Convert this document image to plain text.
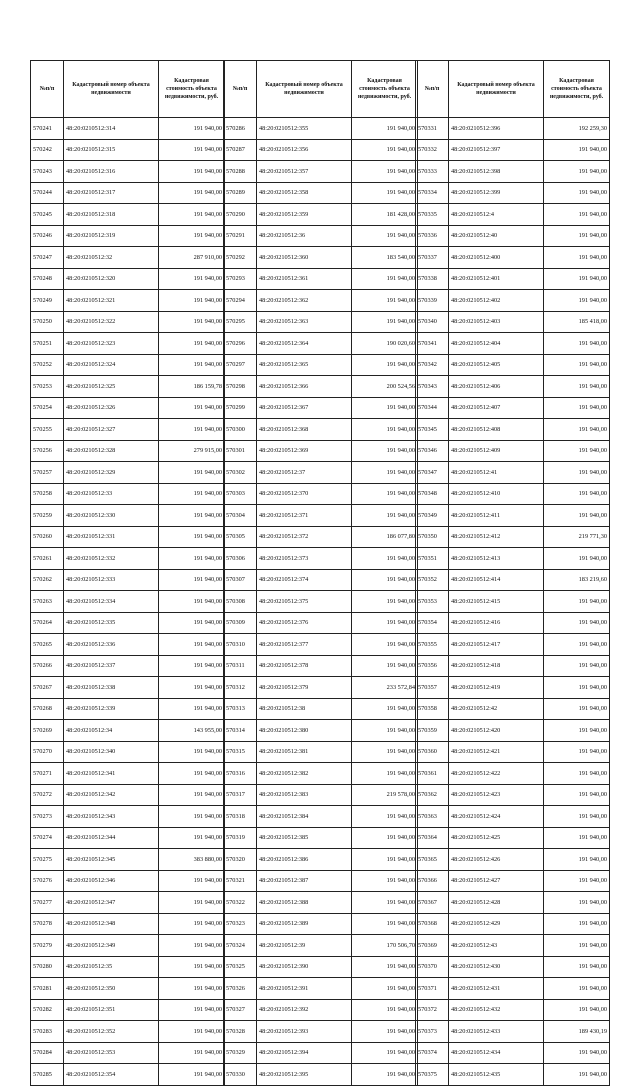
№п/п	Кадастровый номер объекта недвижимости	Кадастровая стоимость объекта недвижимости, руб.
570241	48:20:0210512:314	191 940,00
570242	48:20:0210512:315	191 940,00
570243	48:20:0210512:316	191 940,00
570244	48:20:0210512:317	191 940,00
570245	48:20:0210512:318	191 940,00
570246	48:20:0210512:319	191 940,00
570247	48:20:0210512:32	287 910,00
570248	48:20:0210512:320	191 940,00
570249	48:20:0210512:321	191 940,00
570250	48:20:0210512:322	191 940,00
570251	48:20:0210512:323	191 940,00
570252	48:20:0210512:324	191 940,00
570253	48:20:0210512:325	186 159,78
570254	48:20:0210512:326	191 940,00
570255	48:20:0210512:327	191 940,00
570256	48:20:0210512:328	279 915,00
570257	48:20:0210512:329	191 940,00
570258	48:20:0210512:33	191 940,00
570259	48:20:0210512:330	191 940,00
570260	48:20:0210512:331	191 940,00
570261	48:20:0210512:332	191 940,00
570262	48:20:0210512:333	191 940,00
570263	48:20:0210512:334	191 940,00
570264	48:20:0210512:335	191 940,00
570265	48:20:0210512:336	191 940,00
570266	48:20:0210512:337	191 940,00
570267	48:20:0210512:338	191 940,00
570268	48:20:0210512:339	191 940,00
570269	48:20:0210512:34	143 955,00
570270	48:20:0210512:340	191 940,00
570271	48:20:0210512:341	191 940,00
570272	48:20:0210512:342	191 940,00
570273	48:20:0210512:343	191 940,00
570274	48:20:0210512:344	191 940,00
570275	48:20:0210512:345	383 880,00
570276	48:20:0210512:346	191 940,00
570277	48:20:0210512:347	191 940,00
570278	48:20:0210512:348	191 940,00
570279	48:20:0210512:349	191 940,00
570280	48:20:0210512:35	191 940,00
570281	48:20:0210512:350	191 940,00
570282	48:20:0210512:351	191 940,00
570283	48:20:0210512:352	191 940,00
570284	48:20:0210512:353	191 940,00
570285	48:20:0210512:354	191 940,00
№п/п	Кадастровый номер объекта недвижимости	Кадастровая стоимость объекта недвижимости, руб.
570286	48:20:0210512:355	191 940,00
570287	48:20:0210512:356	191 940,00
570288	48:20:0210512:357	191 940,00
570289	48:20:0210512:358	191 940,00
570290	48:20:0210512:359	181 428,00
570291	48:20:0210512:36	191 940,00
570292	48:20:0210512:360	183 540,00
570293	48:20:0210512:361	191 940,00
570294	48:20:0210512:362	191 940,00
570295	48:20:0210512:363	191 940,00
570296	48:20:0210512:364	190 020,60
570297	48:20:0210512:365	191 940,00
570298	48:20:0210512:366	200 524,56
570299	48:20:0210512:367	191 940,00
570300	48:20:0210512:368	191 940,00
570301	48:20:0210512:369	191 940,00
570302	48:20:0210512:37	191 940,00
570303	48:20:0210512:370	191 940,00
570304	48:20:0210512:371	191 940,00
570305	48:20:0210512:372	186 077,80
570306	48:20:0210512:373	191 940,00
570307	48:20:0210512:374	191 940,00
570308	48:20:0210512:375	191 940,00
570309	48:20:0210512:376	191 940,00
570310	48:20:0210512:377	191 940,00
570311	48:20:0210512:378	191 940,00
570312	48:20:0210512:379	233 572,84
570313	48:20:0210512:38	191 940,00
570314	48:20:0210512:380	191 940,00
570315	48:20:0210512:381	191 940,00
570316	48:20:0210512:382	191 940,00
570317	48:20:0210512:383	219 578,00
570318	48:20:0210512:384	191 940,00
570319	48:20:0210512:385	191 940,00
570320	48:20:0210512:386	191 940,00
570321	48:20:0210512:387	191 940,00
570322	48:20:0210512:388	191 940,00
570323	48:20:0210512:389	191 940,00
570324	48:20:0210512:39	170 506,70
570325	48:20:0210512:390	191 940,00
570326	48:20:0210512:391	191 940,00
570327	48:20:0210512:392	191 940,00
570328	48:20:0210512:393	191 940,00
570329	48:20:0210512:394	191 940,00
570330	48:20:0210512:395	191 940,00
№п/п	Кадастровый номер объекта недвижимости	Кадастровая стоимость объекта недвижимости, руб.
570331	48:20:0210512:396	192 259,30
570332	48:20:0210512:397	191 940,00
570333	48:20:0210512:398	191 940,00
570334	48:20:0210512:399	191 940,00
570335	48:20:0210512:4	191 940,00
570336	48:20:0210512:40	191 940,00
570337	48:20:0210512:400	191 940,00
570338	48:20:0210512:401	191 940,00
570339	48:20:0210512:402	191 940,00
570340	48:20:0210512:403	185 418,00
570341	48:20:0210512:404	191 940,00
570342	48:20:0210512:405	191 940,00
570343	48:20:0210512:406	191 940,00
570344	48:20:0210512:407	191 940,00
570345	48:20:0210512:408	191 940,00
570346	48:20:0210512:409	191 940,00
570347	48:20:0210512:41	191 940,00
570348	48:20:0210512:410	191 940,00
570349	48:20:0210512:411	191 940,00
570350	48:20:0210512:412	219 771,30
570351	48:20:0210512:413	191 940,00
570352	48:20:0210512:414	183 219,60
570353	48:20:0210512:415	191 940,00
570354	48:20:0210512:416	191 940,00
570355	48:20:0210512:417	191 940,00
570356	48:20:0210512:418	191 940,00
570357	48:20:0210512:419	191 940,00
570358	48:20:0210512:42	191 940,00
570359	48:20:0210512:420	191 940,00
570360	48:20:0210512:421	191 940,00
570361	48:20:0210512:422	191 940,00
570362	48:20:0210512:423	191 940,00
570363	48:20:0210512:424	191 940,00
570364	48:20:0210512:425	191 940,00
570365	48:20:0210512:426	191 940,00
570366	48:20:0210512:427	191 940,00
570367	48:20:0210512:428	191 940,00
570368	48:20:0210512:429	191 940,00
570369	48:20:0210512:43	191 940,00
570370	48:20:0210512:430	191 940,00
570371	48:20:0210512:431	191 940,00
570372	48:20:0210512:432	191 940,00
570373	48:20:0210512:433	189 430,19
570374	48:20:0210512:434	191 940,00
570375	48:20:0210512:435	191 940,00
